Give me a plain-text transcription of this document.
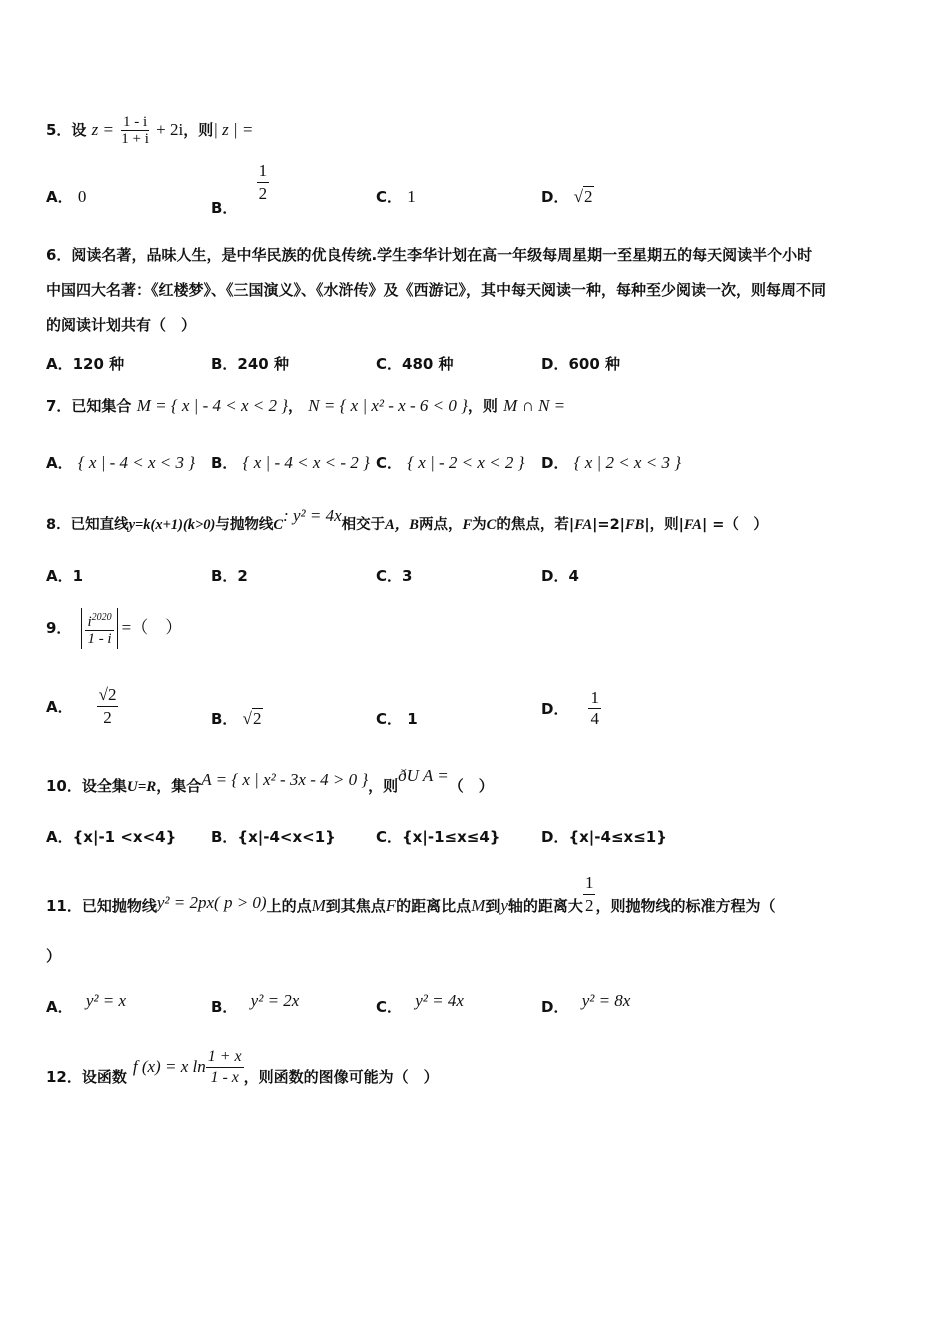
5．设 $z = \frac{1 - i}{1 + i} + 2i$，则| z | =
A． 0
B．
$\frac{1}{2}$	C． 1	D． √2
6．阅读名著，品味人生，是中华民族的优良传统.学生李华计划在高一年级每周星期一至星期五的每天阅读半个小时
中国四大名著：《红楼梦》、《三国演义》、《水浒传》及《西游记》，其中每天阅读一种，每种至少阅读一次，则每周不同
的阅读计划共有（　）
A．120 种	B．240 种	C．480 种	D．600 种
7．已知集合 M = { x | - 4 < x < 2 }， N = { x | x² - x - 6 < 0 }，则 M ∩ N =
A． { x | - 4 < x < 3 } B． { x | - 4 < x < - 2 } C． { x | - 2 < x < 2 } D． { x | 2 < x < 3 }
8．已知直线y=k(x+1)(k>0)与抛物线C: y² = 4x相交于A，B两点，F为C的焦点，若|FA|=2|FB|，则|FA| =（　）
A．1	B．2	C．3	D．4
9． $\frac{i^{2020}}{1 - i}$ =（　）
A． $\frac{√2}{2}$	B． √2	C． 1
D． $\frac{1}{4}$
10．设全集U=R，集合A = { x | x² - 3x - 4 > 0 }，则ðU A =（　）
A．{x|-1 <x<4} B．{x|-4<x<1}	C．{x|-1≤x≤4}	D．{x|-4≤x≤1}
11．已知抛物线y² = 2px( p > 0)上的点M到其焦点F的距离比点M到y轴的距离大 $\frac{1}{2}$ ，则抛物线的标准方程为（
）
A． y² = x	B． y² = 2x	C． y² = 4x	D． y² = 8x
12．设函数
f (x) = x $\ln \frac{1 + x}{1 - x}$ ，则函数的图像可能为（　）
